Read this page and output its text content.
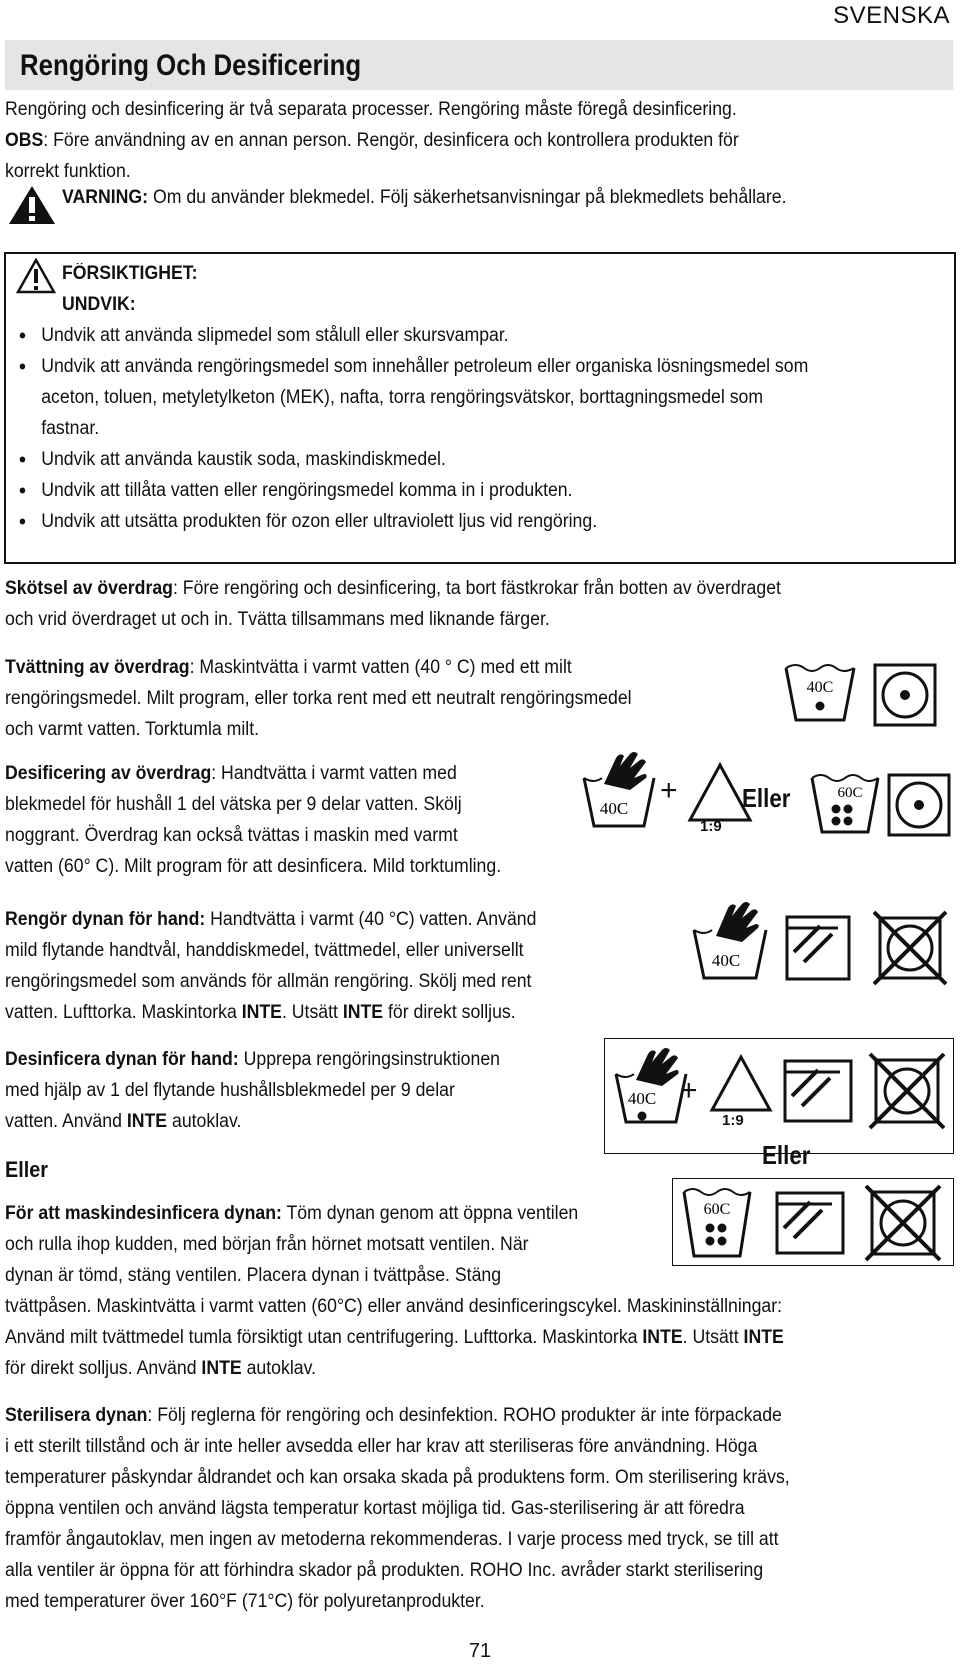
SVENSKA
Rengöring Och Desificering
Rengöring och desinficering är två separata processer. Rengöring måste föregå desinficering.
OBS: Före användning av en annan person. Rengör, desinficera och kontrollera produkten för
korrekt funktion.
VARNING: Om du använder blekmedel. Följ säkerhetsanvisningar på blekmedlets behållare.
FÖRSIKTIGHET:
UNDVIK:
• Undvik att använda slipmedel som stålull eller skursvampar.
• Undvik att använda rengöringsmedel som innehåller petroleum eller organiska lösningsmedel som aceton, toluen, metyletylketon (MEK), nafta, torra rengöringsvätskor, borttagningsmedel som fastnar.
• Undvik att använda kaustik soda, maskindiskmedel.
• Undvik att tillåta vatten eller rengöringsmedel komma in i produkten.
• Undvik att utsätta produkten för ozon eller ultraviolett ljus vid rengöring.
Skötsel av överdrag: Före rengöring och desinficering, ta bort fästkrokar från botten av överdraget
och vrid överdraget ut och in. Tvätta tillsammans med liknande färger.
Tvättning av överdrag: Maskintvätta i varmt vatten (40 ° C) med ett milt
rengöringsmedel. Milt program, eller torka rent med ett neutralt rengöringsmedel
och varmt vatten. Torktumla milt.
40C
Desificering av överdrag: Handtvätta i varmt vatten med
blekmedel för hushåll 1 del vätska per 9 delar vatten. Skölj
noggrant. Överdrag kan också tvättas i maskin med varmt
vatten (60° C). Milt program för att desinficera. Mild torktumling.
40C
+
1:9
Eller	60C
Rengör dynan för hand: Handtvätta i varmt (40 °C) vatten. Använd
mild flytande handtvål, handdiskmedel, tvättmedel, eller universellt
rengöringsmedel som används för allmän rengöring. Skölj med rent
vatten. Lufttorka. Maskintorka INTE. Utsätt INTE för direkt solljus.
40C
Desinficera dynan för hand: Upprepa rengöringsinstruktionen
med hjälp av 1 del flytande hushållsblekmedel per 9 delar
vatten. Använd INTE autoklav.
40C +
1:9
Eller	Eller
60C
För att maskindesinficera dynan: Töm dynan genom att öppna ventilen
och rulla ihop kudden, med början från hörnet motsatt ventilen. När
dynan är tömd, stäng ventilen. Placera dynan i tvättpåse. Stäng
tvättpåsen. Maskintvätta i varmt vatten (60°C) eller använd desinficeringscykel. Maskininställningar:
Använd milt tvättmedel tumla försiktigt utan centrifugering. Lufttorka. Maskintorka INTE. Utsätt INTE
för direkt solljus. Använd INTE autoklav.
Sterilisera dynan: Följ reglerna för rengöring och desinfektion. ROHO produkter är inte förpackade
i ett sterilt tillstånd och är inte heller avsedda eller har krav att steriliseras före användning. Höga
temperaturer påskyndar åldrandet och kan orsaka skada på produktens form. Om sterilisering krävs,
öppna ventilen och använd lägsta temperatur kortast möjliga tid. Gas-sterilisering är att föredra
framför ångautoklav, men ingen av metoderna rekommenderas. I varje process med tryck, se till att
alla ventiler är öppna för att förhindra skador på produkten. ROHO Inc. avråder starkt sterilisering
med temperaturer över 160°F (71°C) för polyuretanprodukter.
71
